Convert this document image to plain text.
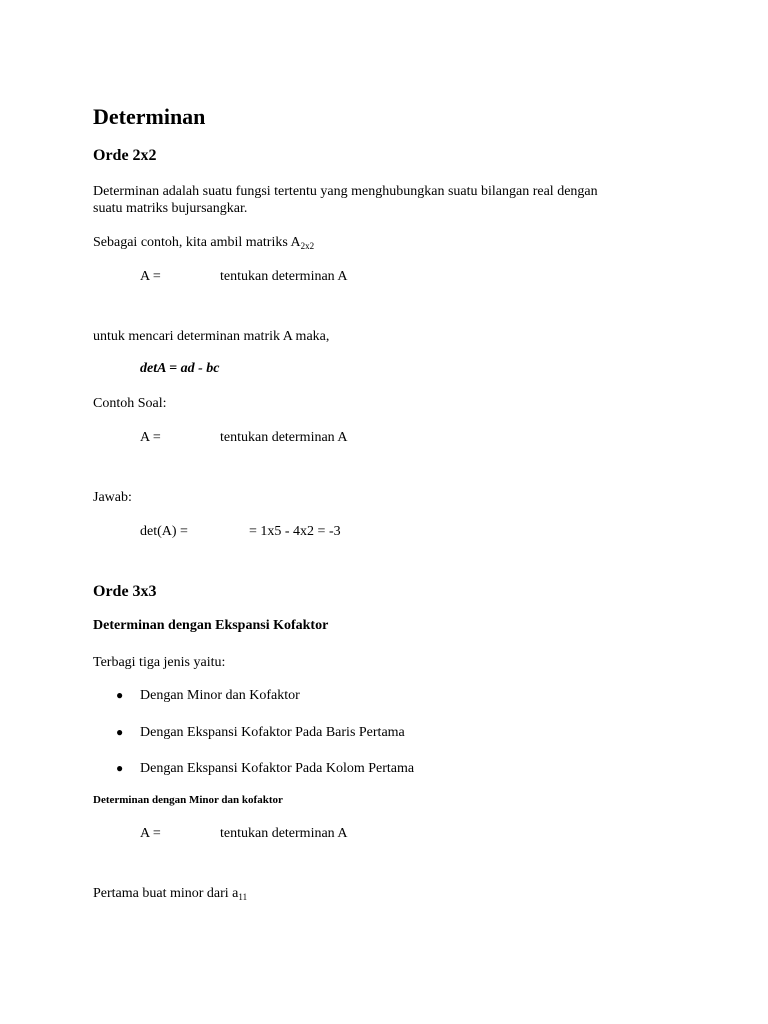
Determinan
Orde 2x2
Determinan adalah suatu fungsi tertentu yang menghubungkan suatu bilangan real dengan
suatu matriks bujursangkar.
Sebagai contoh, kita ambil matriks $A_{2x2}$
A =	tentukan determinan A
untuk mencari determinan matrik A maka,
detA = ad - bc
Contoh Soal:
A =	tentukan determinan A
Jawab:
det(A) =	= 1x5 - 4x2 = -3
Orde 3x3
Determinan dengan Ekspansi Kofaktor
Terbagi tiga jenis yaitu:
● Dengan Minor dan Kofaktor
● Dengan Ekspansi Kofaktor Pada Baris Pertama
● Dengan Ekspansi Kofaktor Pada Kolom Pertama
Determinan dengan Minor dan kofaktor
A =	tentukan determinan A
Pertama buat minor dari $a_{11}$
